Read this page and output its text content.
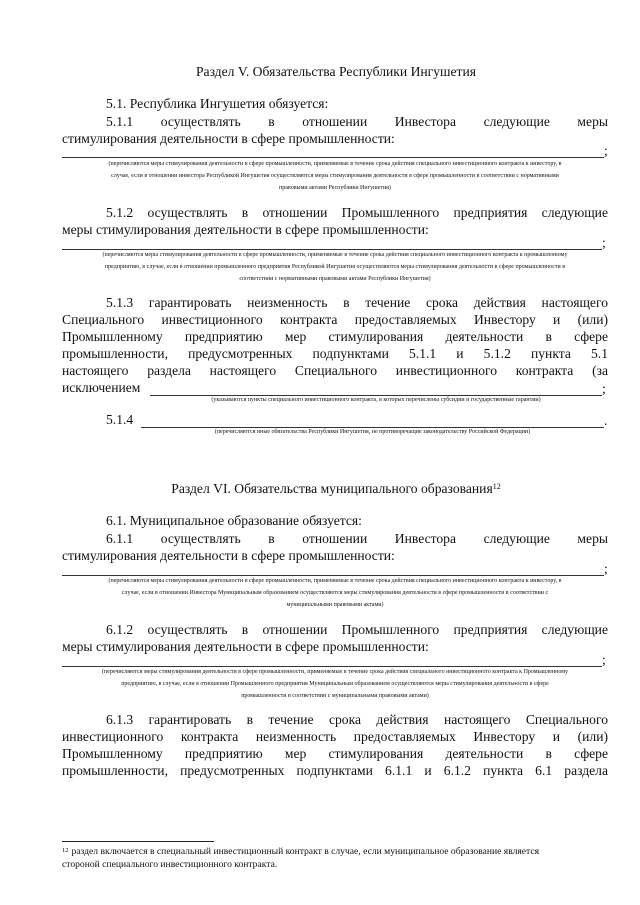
Раздел V. Обязательства Республики Ингушетия
5.1. Республика Ингушетия обязуется:
5.1.1 осуществлять в отношении Инвестора следующие меры
стимулирования деятельности в сфере промышленности:
;
(перечисляются меры стимулирования деятельности в сфере промышленности, применяемые в течение срока действия специального инвестиционного контракта к инвестору, в
случае, если в отношении инвестора Республикой Ингушетия осуществляются меры стимулирования деятельности в сфере промышленности в соответствии с нормативными
правовыми актами Республики Ингушетия)
5.1.2 осуществлять в отношении Промышленного предприятия следующие
меры стимулирования деятельности в сфере промышленности:
;
(перечисляются меры стимулирования деятельности в сфере промышленности, применяемые в течение срока действия специального инвестиционного контракта к промышленному
предприятию, в случае, если в отношении промышленного предприятия Республикой Ингушетия осуществляются меры стимулирования деятельности в сфере промышленности в
соответствии с нормативными правовыми актами Республики Ингушетия)
5.1.3 гарантировать неизменность в течение срока действия настоящего
Специального инвестиционного контракта предоставляемых Инвестору и (или)
Промышленному предприятию мер стимулирования деятельности в сфере
промышленности, предусмотренных подпунктами 5.1.1 и 5.1.2 пункта 5.1
настоящего раздела настоящего Специального инвестиционного контракта (за
исключением	;
(указываются пункты специального инвестиционного контракта, в которых перечислены субсидии и государственные гарантии)
5.1.4	.
(перечисляются иные обязательства Республики Ингушетия, не противоречащие законодательству Российской Федерации)
Раздел VI. Обязательства муниципального образования$^{12}$
6.1. Муниципальное образование обязуется:
6.1.1 осуществлять в отношении Инвестора следующие меры
стимулирования деятельности в сфере промышленности:
;
(перечисляются меры стимулирования деятельности в сфере промышленности, применяемые в течение срока действия специального инвестиционного контракта к инвестору, в
случае, если в отношении Инвестора Муниципальным образованием осуществляются меры стимулирования деятельности в сфере промышленности в соответствии с
муниципальными правовыми актами)
6.1.2 осуществлять в отношении Промышленного предприятия следующие
меры стимулирования деятельности в сфере промышленности:
;
(перечисляются меры стимулирования деятельности в сфере промышленности, применяемые в течение срока действия специального инвестиционного контракта к Промышленному
предприятию, в случае, если в отношении Промышленного предприятия Муниципальным образованием осуществляются меры стимулирования деятельности в сфере
промышленности в соответствии с муниципальными правовыми актами)
6.1.3 гарантировать в течение срока действия настоящего Специального
инвестиционного контракта неизменность предоставляемых Инвестору и (или)
Промышленному предприятию мер стимулирования деятельности в сфере
промышленности, предусмотренных подпунктами 6.1.1 и 6.1.2 пункта 6.1 раздела
$^{12}$ раздел включается в специальный инвестиционный контракт в случае, если муниципальное образование является
стороной специального инвестиционного контракта.
